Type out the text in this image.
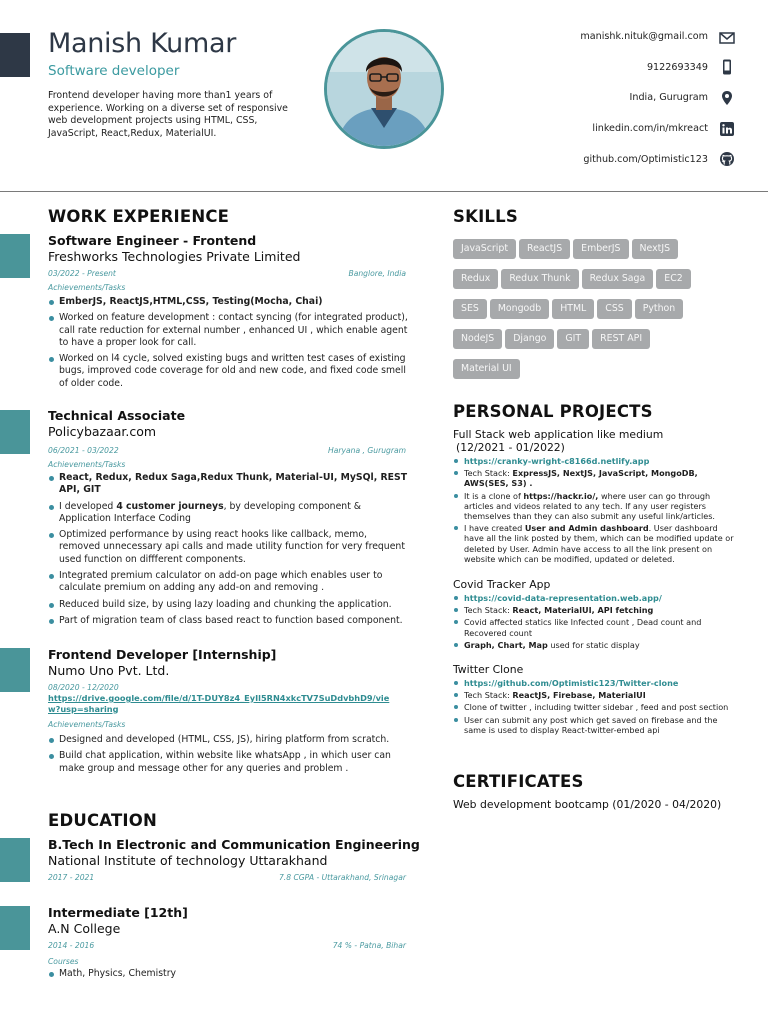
Manish Kumar
Software developer
Frontend developer having more than1 years of experience. Working on a diverse set of responsive web development projects using HTML, CSS, JavaScript, React,Redux, MaterialUI.
manishk.nituk@gmail.com
9122693349
India, Gurugram
linkedin.com/in/mkreact
github.com/Optimistic123
WORK EXPERIENCE
Software Engineer - Frontend
Freshworks Technologies Private Limited
03/2022 - Present	Banglore, India
Achievements/Tasks
EmberJS, ReactJS,HTML,CSS, Testing(Mocha, Chai)
Worked on feature development : contact syncing (for integrated product), call rate reduction for external number , enhanced UI , which enable agent to have a proper look for call.
Worked on l4 cycle, solved existing bugs and written test cases of existing bugs, improved code coverage for old and new code, and fixed code smell of older code.
Technical Associate
Policybazaar.com
06/2021 - 03/2022	Haryana , Gurugram
Achievements/Tasks
React, Redux, Redux Saga,Redux Thunk, Material-UI, MySQl, REST API, GIT
I developed 4 customer journeys, by developing component & Application Interface Coding
Optimized performance by using react hooks like callback, memo, removed unnecessary api calls and made utility function for very frequent used function on diffferent components.
Integrated premium calculator on add-on page which enables user to calculate premium on adding any add-on and removing .
Reduced build size, by using lazy loading and chunking the application.
Part of migration team of class based react to function based component.
Frontend Developer [Internship]
Numo Uno Pvt. Ltd.
08/2020 - 12/2020
https://drive.google.com/file/d/1T-DUY8z4_EyIl5RN4xkcTV7SuDdvbhD9/view?usp=sharing
Achievements/Tasks
Designed and developed (HTML, CSS, JS), hiring platform from scratch.
Build chat application, within website like whatsApp , in which user can make group and message other for any queries and problem .
EDUCATION
B.Tech In Electronic and Communication Engineering
National Institute of technology Uttarakhand
2017 - 2021	7.8 CGPA - Uttarakhand, Srinagar
Intermediate [12th]
A.N College
2014 - 2016	74 % - Patna, Bihar
Courses
Math, Physics, Chemistry
SKILLS
JavaScript ReactJS EmberJS NextJS
Redux Redux Thunk Redux Saga EC2
SES Mongodb HTML CSS Python
NodeJS Django GIT REST API
Material UI
PERSONAL PROJECTS
Full Stack web application like medium
(12/2021 - 01/2022)
https://cranky-wright-c8166d.netlify.app
Tech Stack: ExpressJS, NextJS, JavaScript, MongoDB, AWS(SES, S3) .
It is a clone of https://hackr.io/, where user can go through articles and videos related to any tech. If any user registers themselves than they can also submit any useful link/articles.
I have created User and Admin dashboard. User dashboard have all the link posted by them, which can be modified update or deleted by User. Admin have access to all the link present on website which can be modified, updated or deleted.
Covid Tracker App
https://covid-data-representation.web.app/
Tech Stack: React, MaterialUI, API fetching
Covid affected statics like Infected count , Dead count and Recovered count
Graph, Chart, Map used for static display
Twitter Clone
https://github.com/Optimistic123/Twitter-clone
Tech Stack: ReactJS, Firebase, MaterialUI
Clone of twitter , including twitter sidebar , feed and post section
User can submit any post which get saved on firebase and the same is used to display React-twitter-embed api
CERTIFICATES
Web development bootcamp (01/2020 - 04/2020)
